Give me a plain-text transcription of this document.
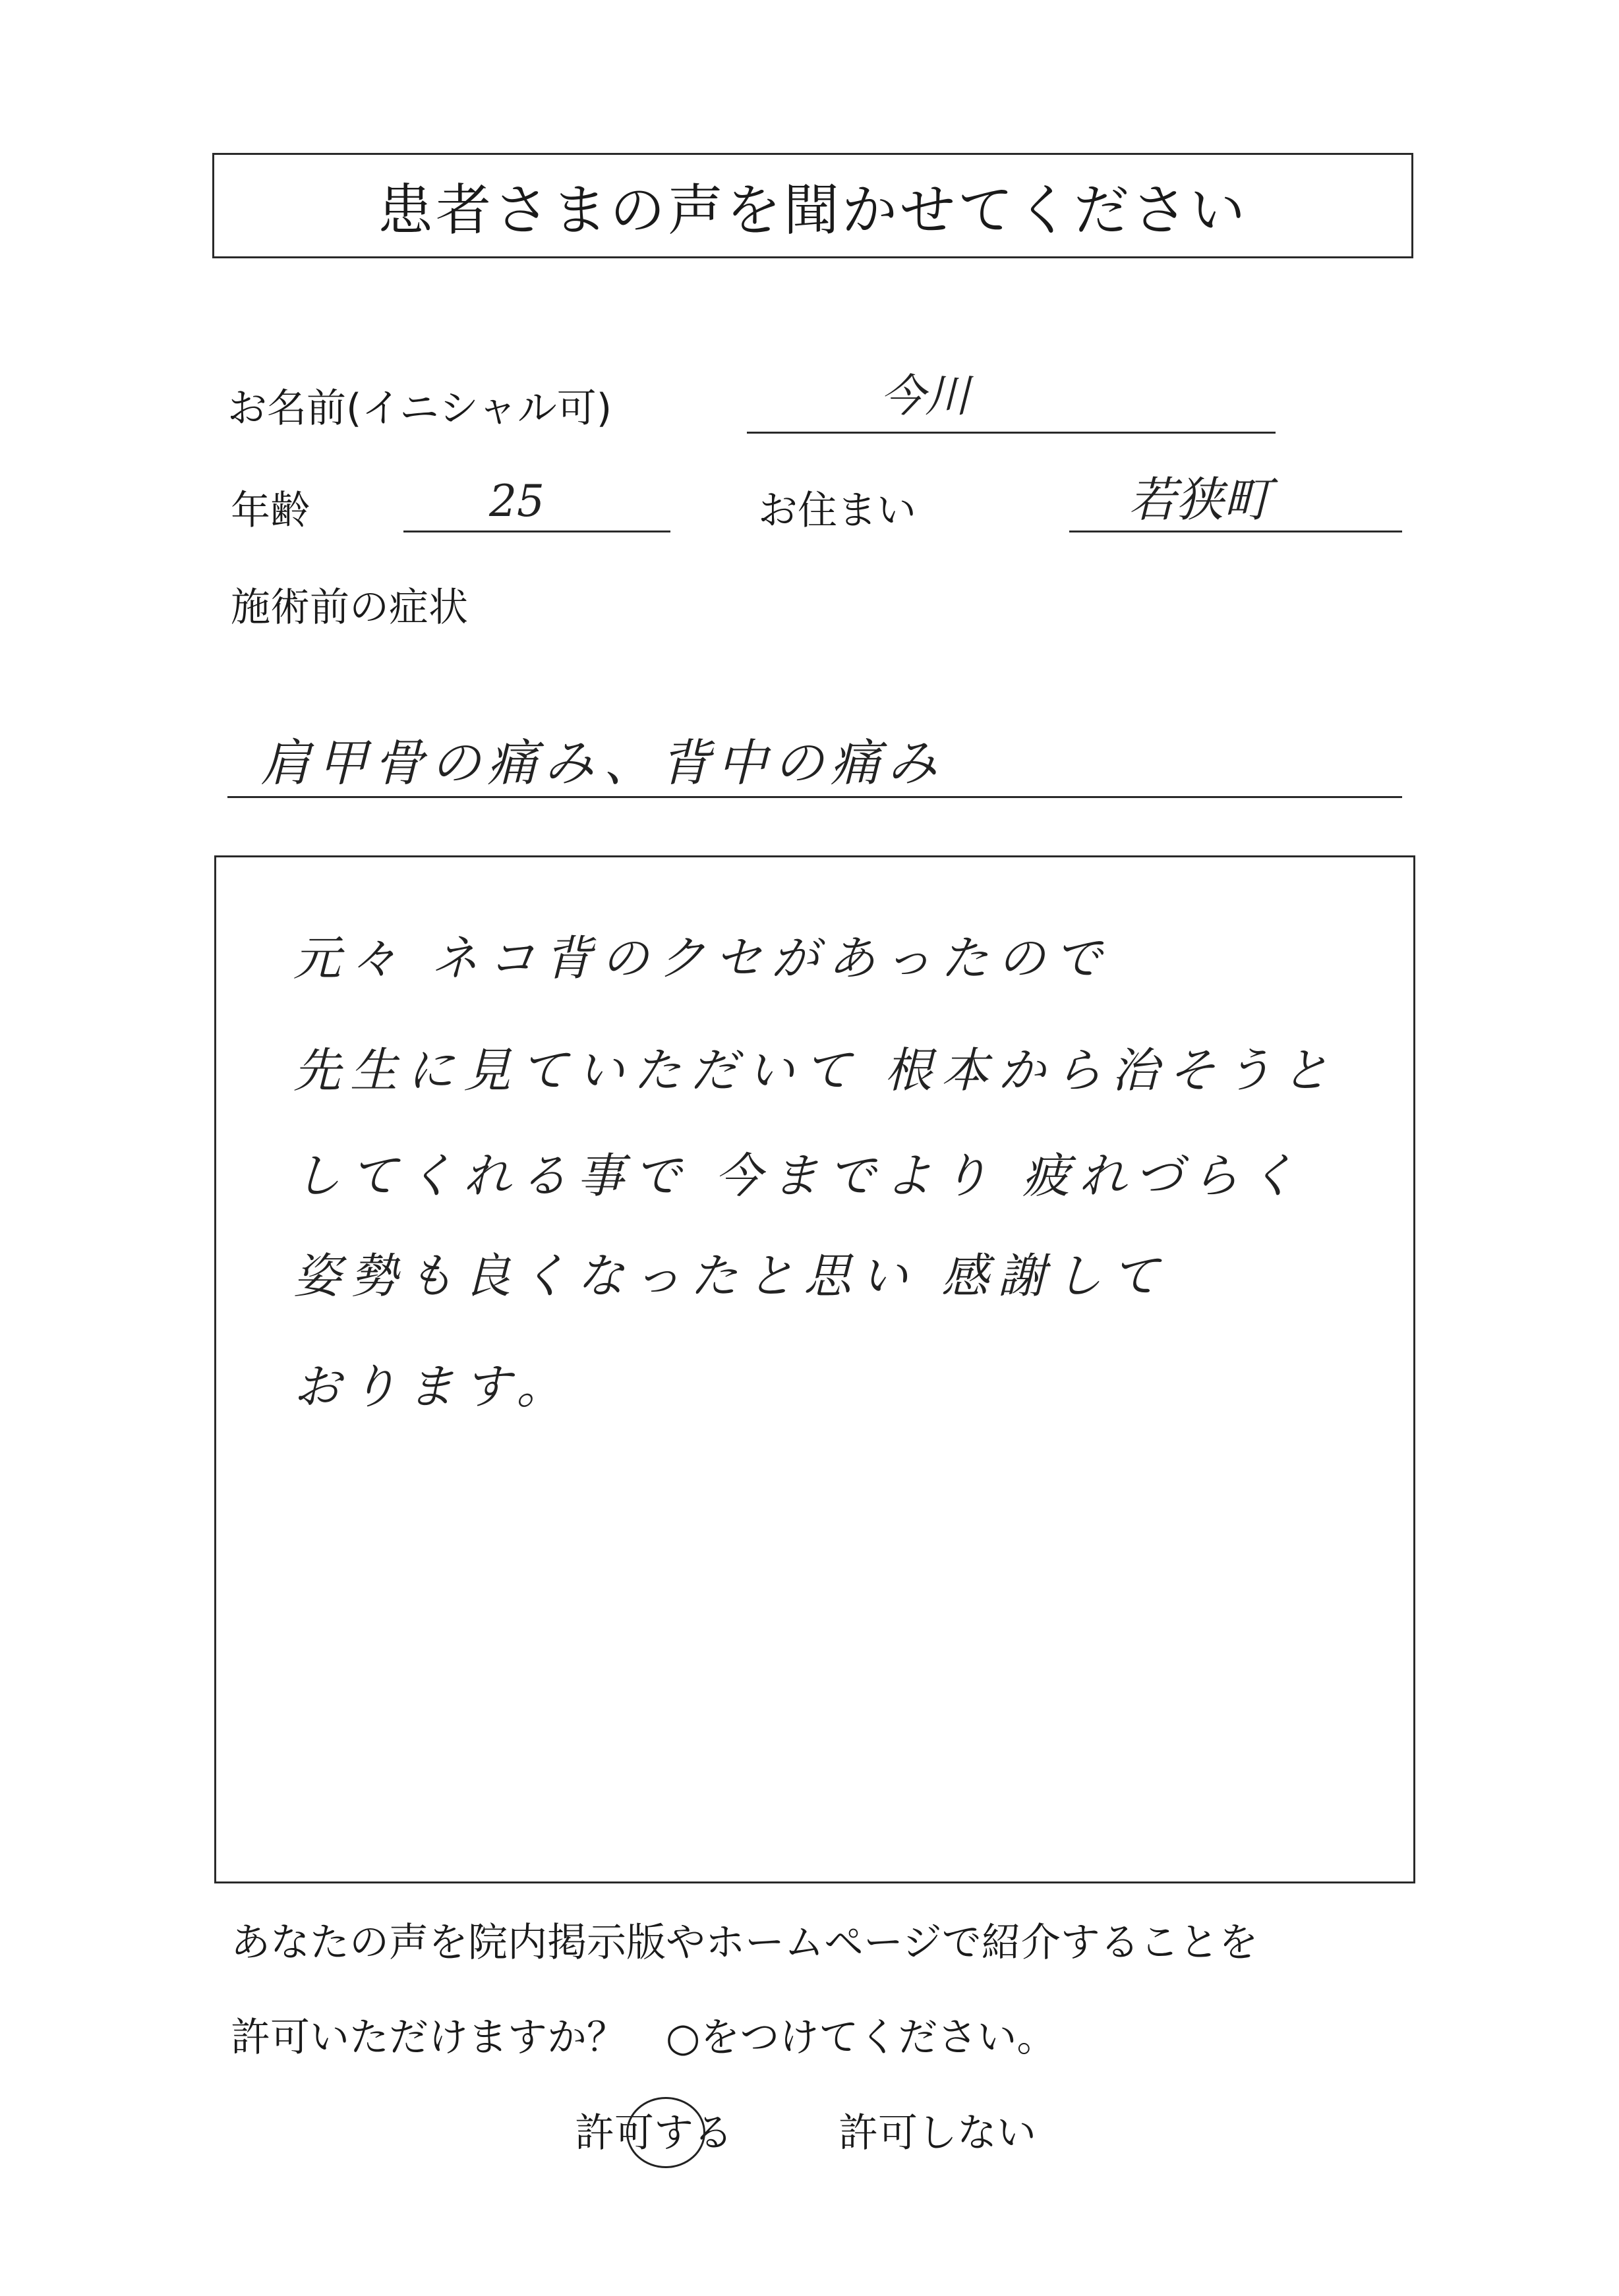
患者さまの声を聞かせてください
お名前(イニシャル可)	今川
年齢	25	お住まい	若狭町
施術前の症状
肩甲骨の痛み、背中の痛み
元々 ネコ背のクセがあったので
先生に見ていただいて 根本から治そうと
してくれる事で 今までより 疲れづらく
姿勢も良くなったと思い 感謝して
おります。
あなたの声を院内掲示版やホームページで紹介することを
許可いただけますか？　○をつけてください。
許可する	許可しない
